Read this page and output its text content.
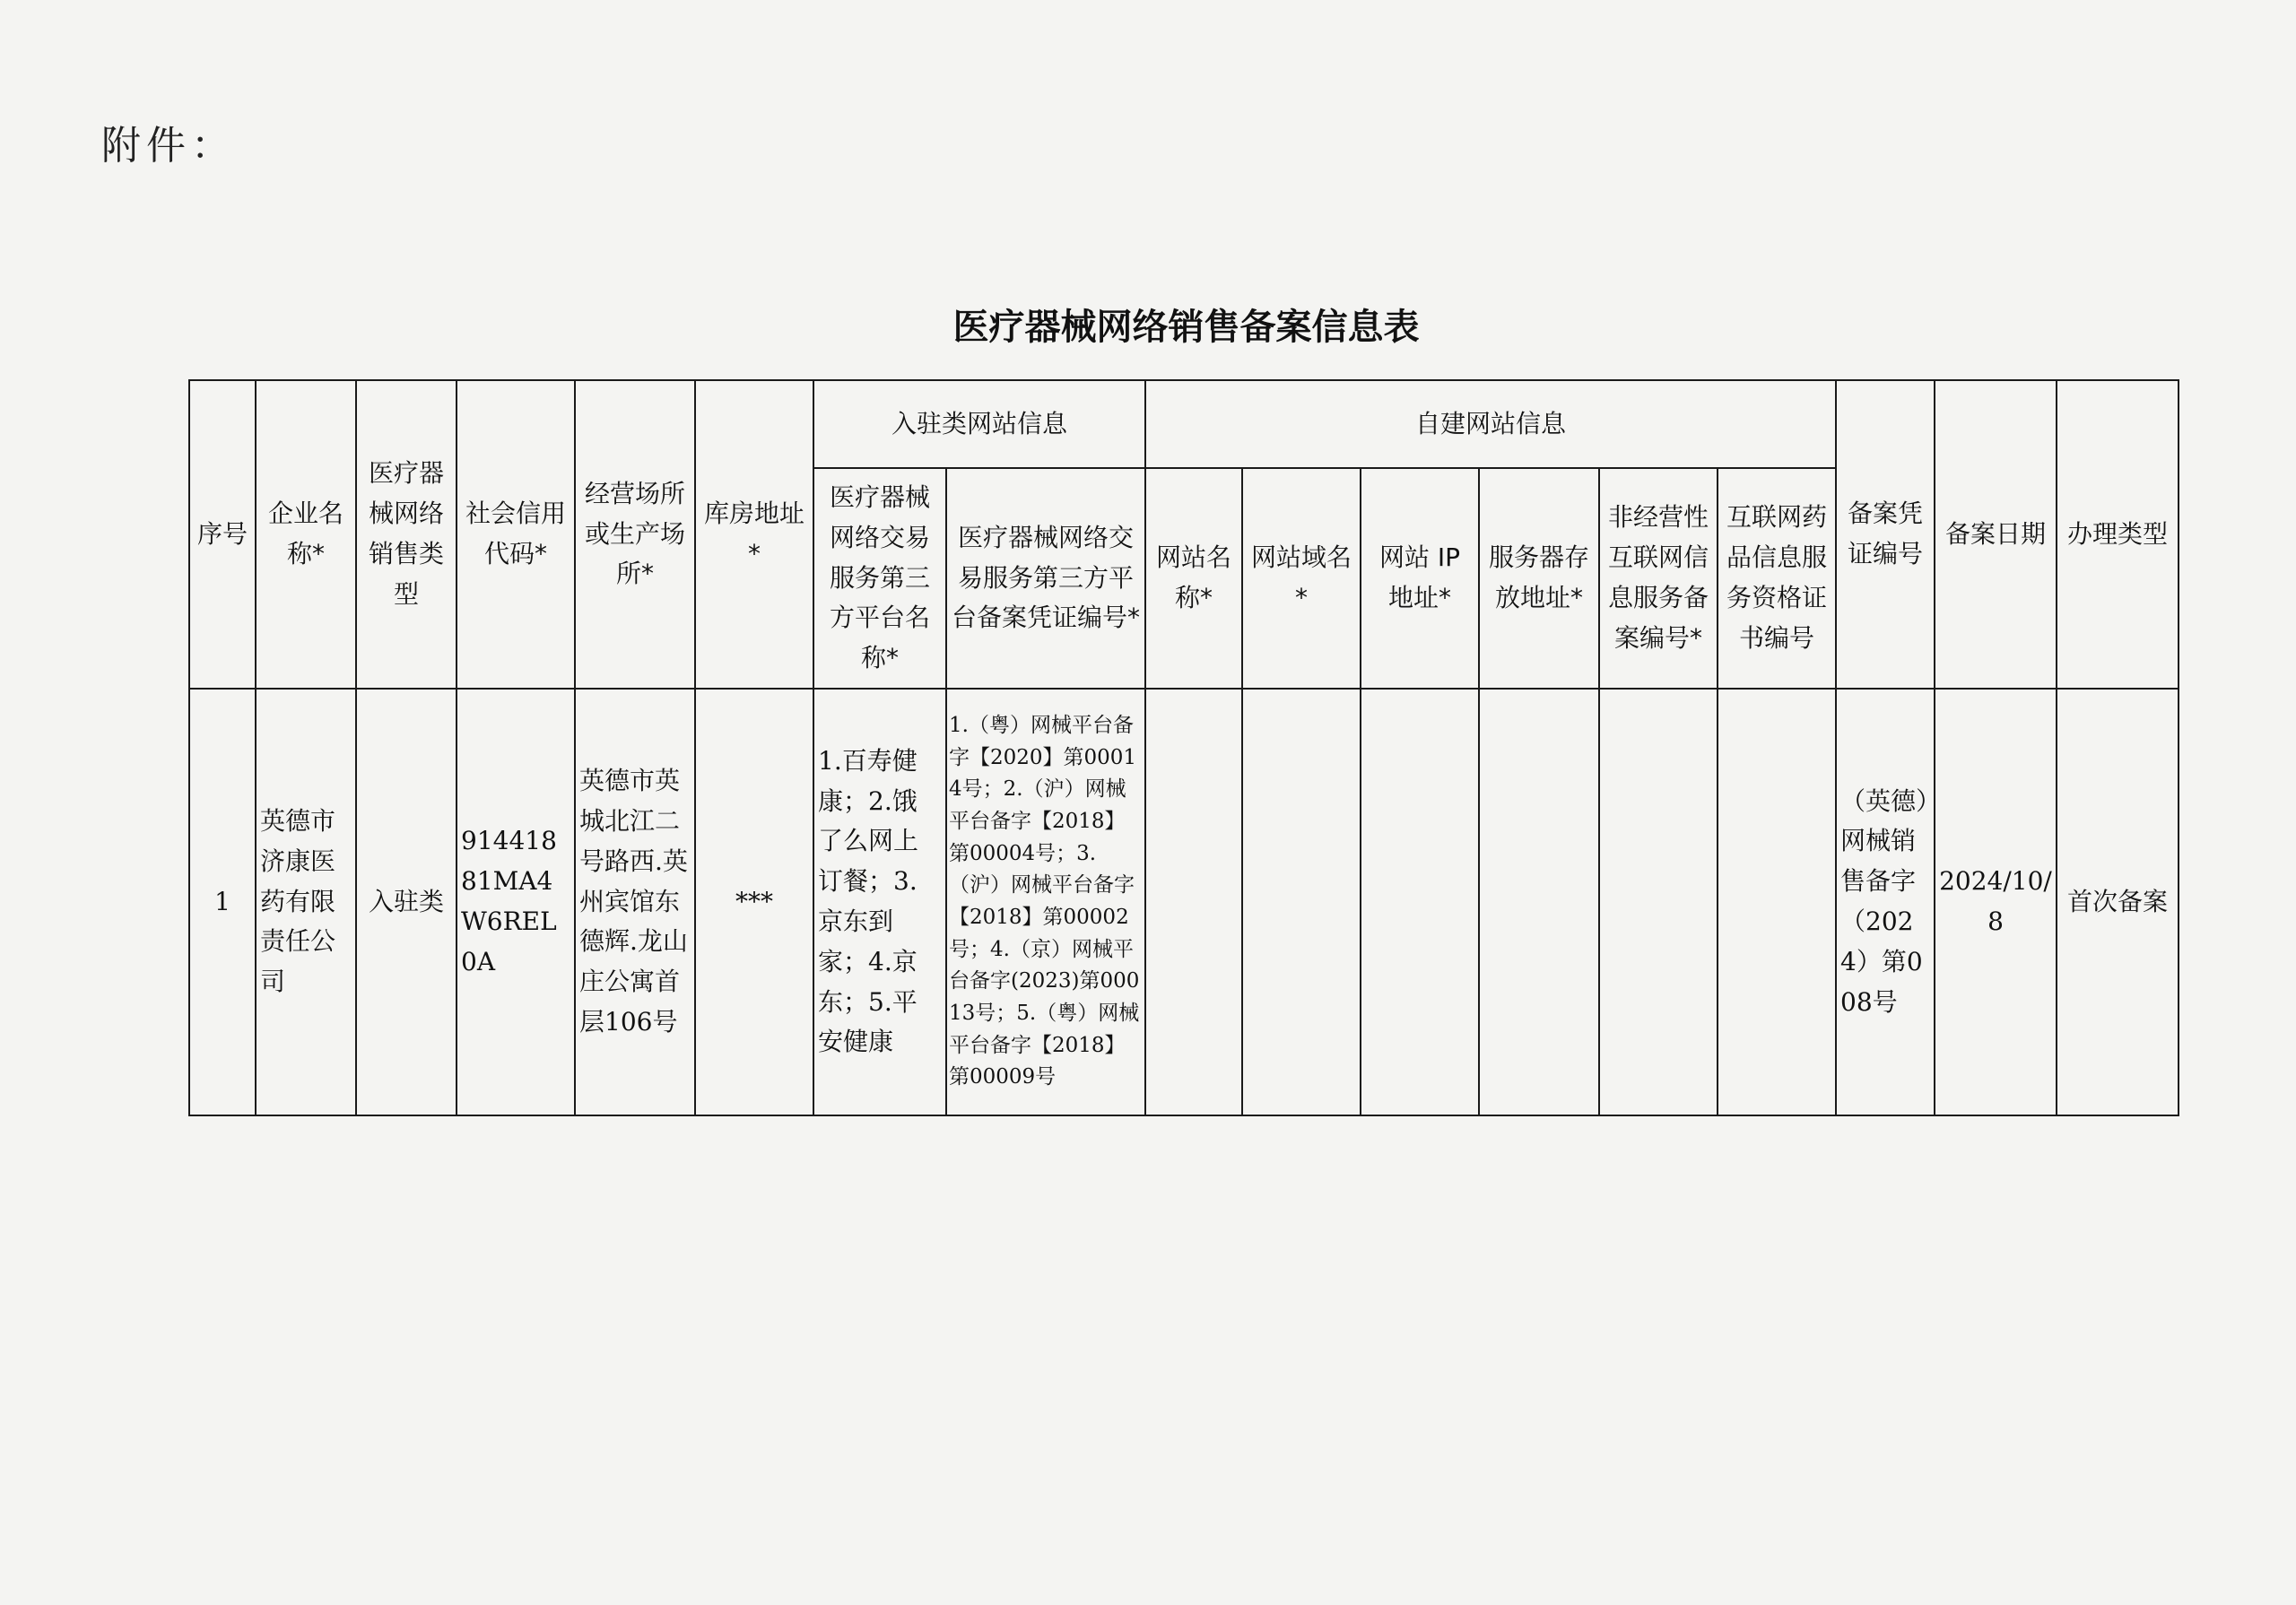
附件：
医疗器械网络销售备案信息表
序号	企业名称*	医疗器械网络销售类型	社会信用代码*	经营场所或生产场所*	库房地址*	入驻类网站信息		自建网站信息						备案凭证编号	备案日期	办理类型
						医疗器械网络交易服务第三方平台名称*	医疗器械网络交易服务第三方平台备案凭证编号*	网站名称*	网站域名*	网站 IP 地址*	服务器存放地址*	非经营性互联网信息服务备案编号*	互联网药品信息服务资格证书编号			
1	英德市济康医药有限责任公司	入驻类	91441881MA4W6REL0A	英德市英城北江二号路西.英州宾馆东德辉.龙山庄公寓首层106号	***	1.百寿健康；2.饿了么网上订餐；3.京东到家；4.京东；5.平安健康	1.（粤）网械平台备字【2020】第00014号；2.（沪）网械平台备字【2018】第00004号；3.（沪）网械平台备字【2018】第00002号；4.（京）网械平台备字(2023)第00013号；5.（粤）网械平台备字【2018】第00009号							（英德）网械销售备字（2024）第008号	2024/10/8	首次备案
